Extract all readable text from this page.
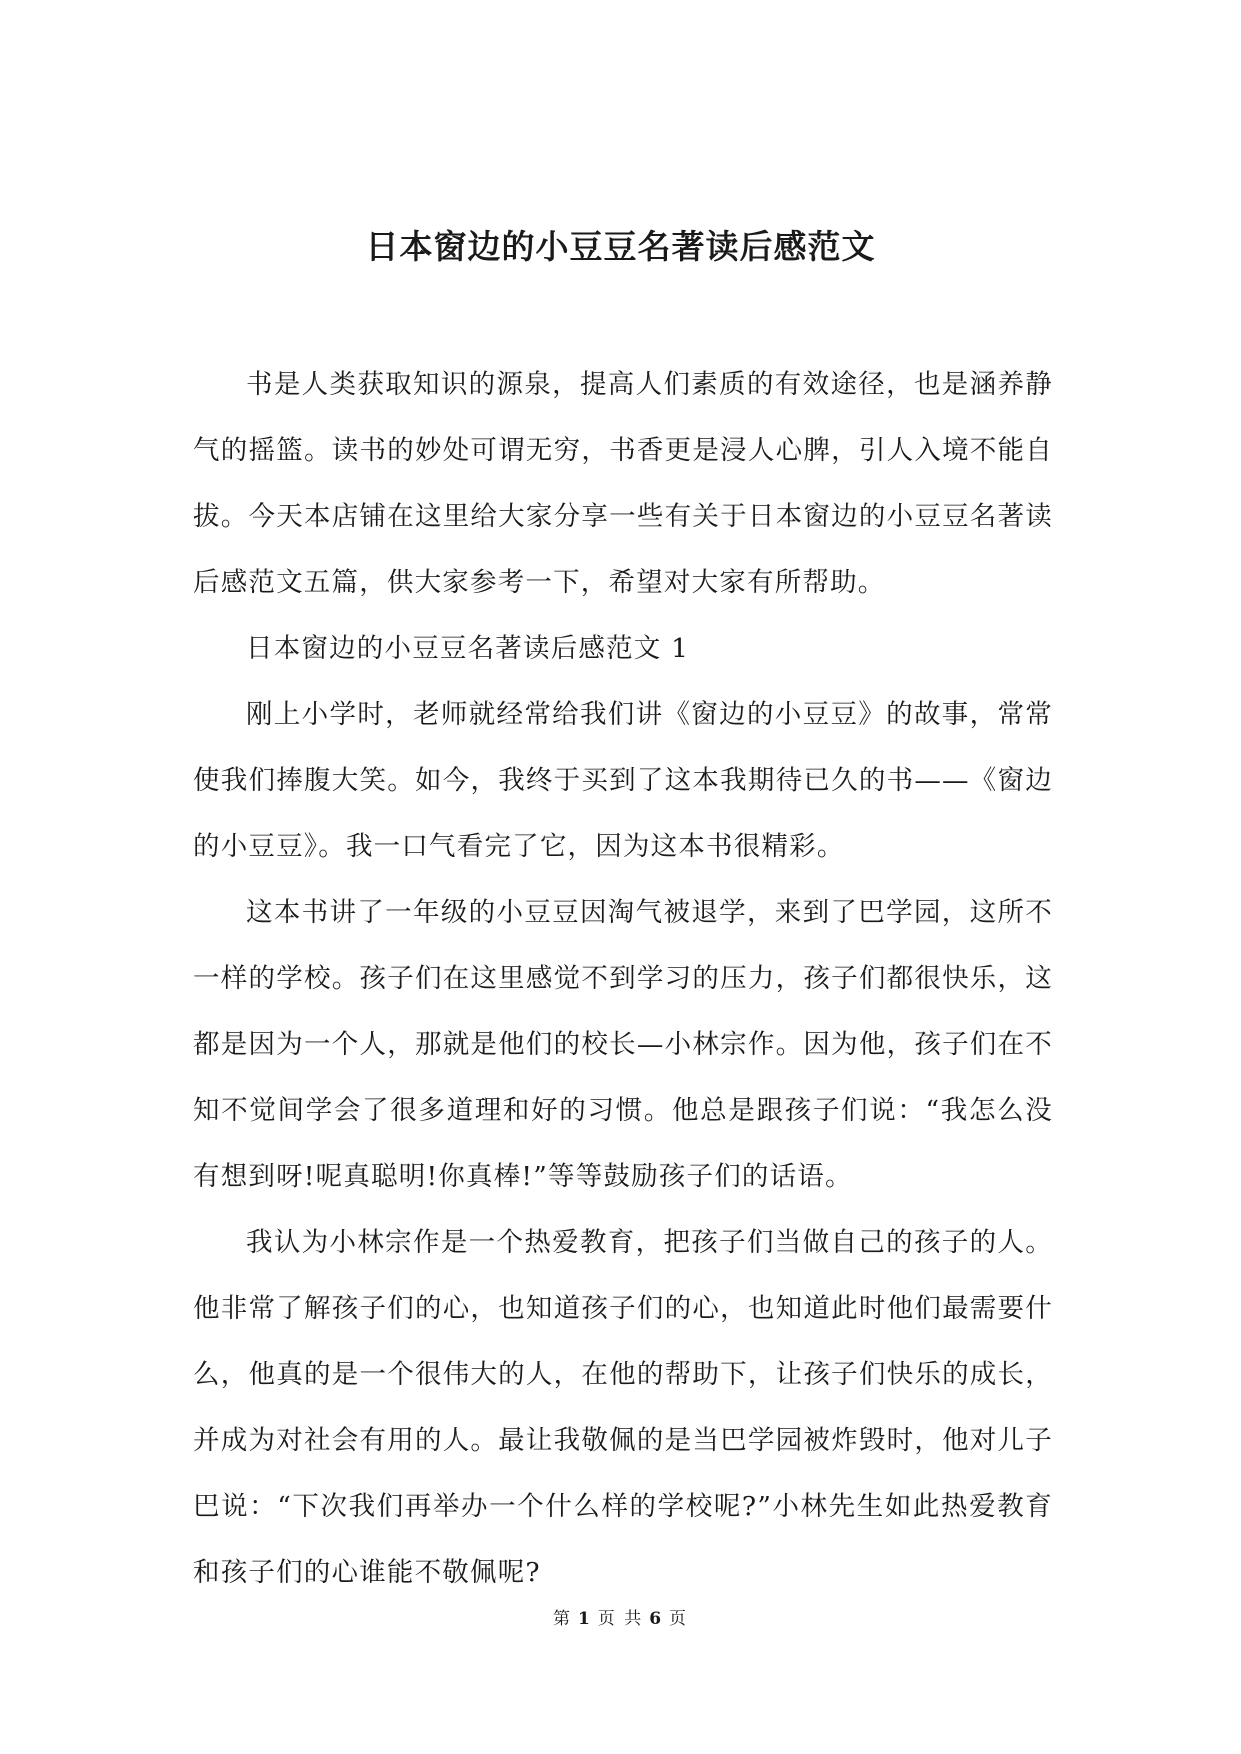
日本窗边的小豆豆名著读后感范文

书是人类获取知识的源泉，提高人们素质的有效途径，也是涵养静气的摇篮。读书的妙处可谓无穷，书香更是浸人心脾，引人入境不能自拔。今天本店铺在这里给大家分享一些有关于日本窗边的小豆豆名著读后感范文五篇，供大家参考一下，希望对大家有所帮助。

日本窗边的小豆豆名著读后感范文 1

刚上小学时，老师就经常给我们讲《窗边的小豆豆》的故事，常常使我们捧腹大笑。如今，我终于买到了这本我期待已久的书——《窗边的小豆豆》。我一口气看完了它，因为这本书很精彩。

这本书讲了一年级的小豆豆因淘气被退学，来到了巴学园，这所不一样的学校。孩子们在这里感觉不到学习的压力，孩子们都很快乐，这都是因为一个人，那就是他们的校长—小林宗作。因为他，孩子们在不知不觉间学会了很多道理和好的习惯。他总是跟孩子们说：“我怎么没有想到呀!呢真聪明!你真棒!”等等鼓励孩子们的话语。

我认为小林宗作是一个热爱教育，把孩子们当做自己的孩子的人。他非常了解孩子们的心，也知道孩子们的心，也知道此时他们最需要什么，他真的是一个很伟大的人，在他的帮助下，让孩子们快乐的成长，并成为对社会有用的人。最让我敬佩的是当巴学园被炸毁时，他对儿子巴说：“下次我们再举办一个什么样的学校呢?”小林先生如此热爱教育和孩子们的心谁能不敬佩呢?

第 1 页 共 6 页
